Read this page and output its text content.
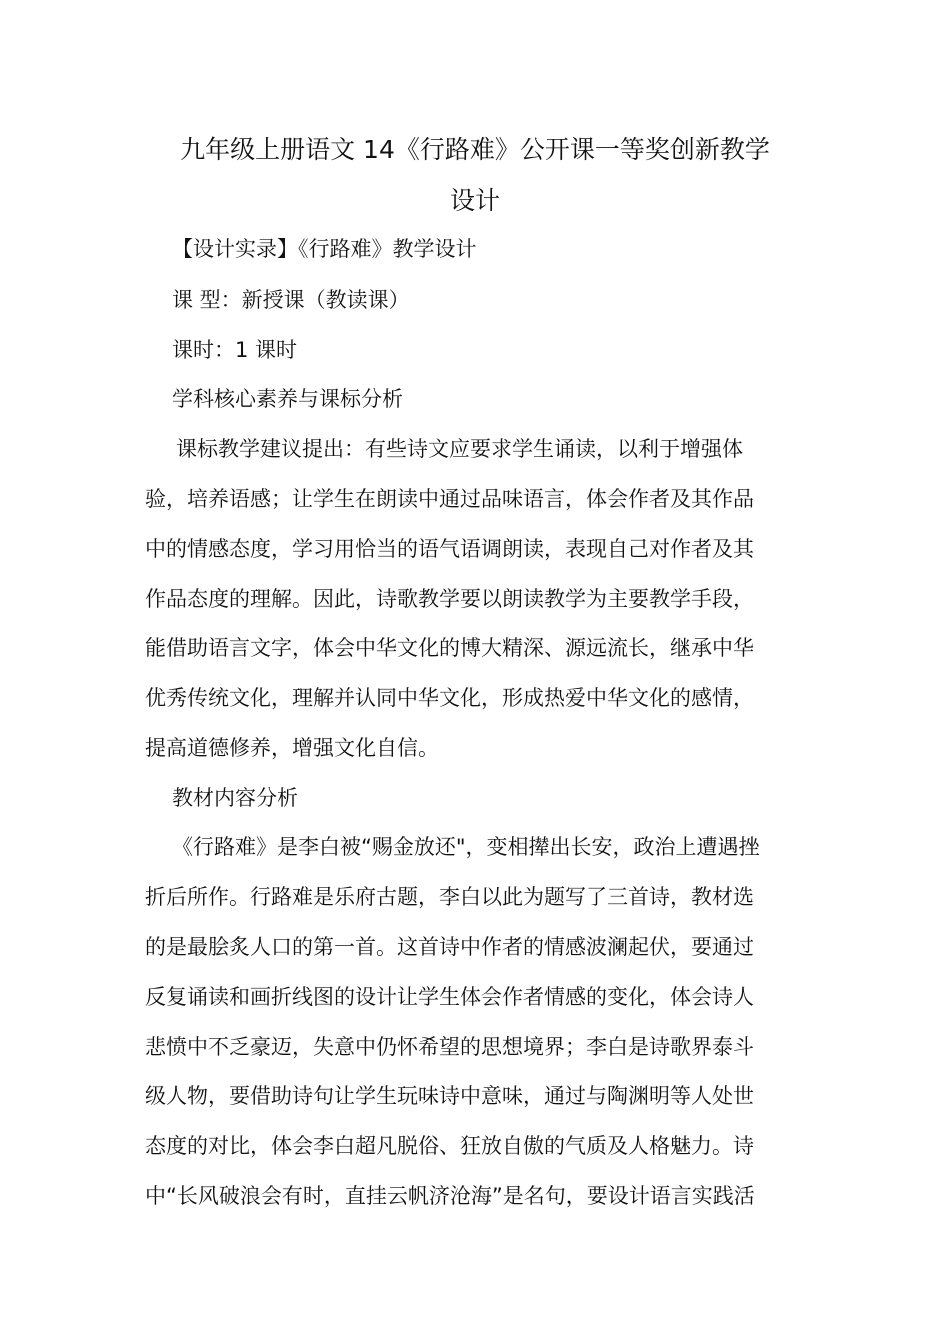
九年级上册语文 14《行路难》公开课一等奖创新教学
设计
【设计实录】《行路难》教学设计
课 型：新授课（教读课）
课时：1 课时
学科核心素养与课标分析
课标教学建议提出：有些诗文应要求学生诵读，以利于增强体
验，培养语感；让学生在朗读中通过品味语言，体会作者及其作品
中的情感态度，学习用恰当的语气语调朗读，表现自己对作者及其
作品态度的理解。因此，诗歌教学要以朗读教学为主要教学手段，
能借助语言文字，体会中华文化的博大精深、源远流长，继承中华
优秀传统文化，理解并认同中华文化，形成热爱中华文化的感情，
提高道德修养，增强文化自信。
教材内容分析
《行路难》是李白被“赐金放还"，变相撵出长安，政治上遭遇挫
折后所作。行路难是乐府古题，李白以此为题写了三首诗，教材选
的是最脍炙人口的第一首。这首诗中作者的情感波澜起伏，要通过
反复诵读和画折线图的设计让学生体会作者情感的变化，体会诗人
悲愤中不乏豪迈，失意中仍怀希望的思想境界；李白是诗歌界泰斗
级人物，要借助诗句让学生玩味诗中意味，通过与陶渊明等人处世
态度的对比，体会李白超凡脱俗、狂放自傲的气质及人格魅力。诗
中“长风破浪会有时，直挂云帆济沧海”是名句，要设计语言实践活
